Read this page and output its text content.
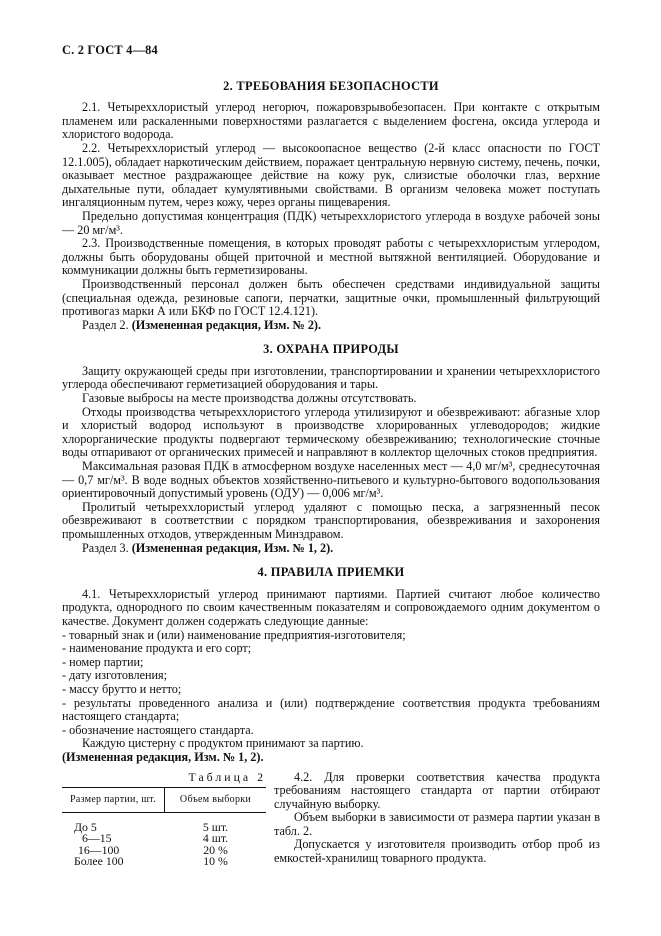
С. 2 ГОСТ 4—84
2. ТРЕБОВАНИЯ БЕЗОПАСНОСТИ

2.1. Четыреххлористый углерод негорюч, пожаровзрывобезопасен. При контакте с открытым пламенем или раскаленными поверхностями разлагается с выделением фосгена, оксида углерода и хлористого водорода.

2.2. Четыреххлористый углерод — высокоопасное вещество (2-й класс опасности по ГОСТ 12.1.005), обладает наркотическим действием, поражает центральную нервную систему, печень, почки, оказывает местное раздражающее действие на кожу рук, слизистые оболочки глаз, верхние дыхательные пути, обладает кумулятивными свойствами. В организм человека может поступать ингаляционным путем, через кожу, через органы пищеварения.

Предельно допустимая концентрация (ПДК) четыреххлористого углерода в воздухе рабочей зоны — 20 мг/м³.

2.3. Производственные помещения, в которых проводят работы с четыреххлористым углеродом, должны быть оборудованы общей приточной и местной вытяжной вентиляцией. Оборудование и коммуникации должны быть герметизированы.

Производственный персонал должен быть обеспечен средствами индивидуальной защиты (специальная одежда, резиновые сапоги, перчатки, защитные очки, промышленный фильтрующий противогаз марки А или БКФ по ГОСТ 12.4.121).

Раздел 2. (Измененная редакция, Изм. № 2).

3. ОХРАНА ПРИРОДЫ

Защиту окружающей среды при изготовлении, транспортировании и хранении четыреххлористого углерода обеспечивают герметизацией оборудования и тары.

Газовые выбросы на месте производства должны отсутствовать.

Отходы производства четыреххлористого углерода утилизируют и обезвреживают: абгазные хлор и хлористый водород используют в производстве хлорированных углеводородов; жидкие хлорорганические продукты подвергают термическому обезвреживанию; технологические сточные воды отпаривают от органических примесей и направляют в коллектор щелочных стоков предприятия.

Максимальная разовая ПДК в атмосферном воздухе населенных мест — 4,0 мг/м³, среднесуточная — 0,7 мг/м³. В воде водных объектов хозяйственно-питьевого и культурно-бытового водопользования ориентировочный допустимый уровень (ОДУ) — 0,006 мг/м³.

Пролитый четыреххлористый углерод удаляют с помощью песка, а загрязненный песок обезвреживают в соответствии с порядком транспортирования, обезвреживания и захоронения промышленных отходов, утвержденным Минздравом.

Раздел 3. (Измененная редакция, Изм. № 1, 2).

4. ПРАВИЛА ПРИЕМКИ

4.1. Четыреххлористый углерод принимают партиями. Партией считают любое количество продукта, однородного по своим качественным показателям и сопровождаемого одним документом о качестве. Документ должен содержать следующие данные:

- товарный знак и (или) наименование предприятия-изготовителя;
- наименование продукта и его сорт;
- номер партии;
- дату изготовления;
- массу брутто и нетто;
- результаты проведенного анализа и (или) подтверждение соответствия продукта требованиям настоящего стандарта;
- обозначение настоящего стандарта.

Каждую цистерну с продуктом принимают за партию.

(Измененная редакция, Изм. № 1, 2).

Таблица 2
Размер партии, шт.	Объем выборки
До 5	5 шт.
6—15	4 шт.
16—100	20 %
Более 100	10 %

4.2. Для проверки соответствия качества продукта требованиям настоящего стандарта от партии отбирают случайную выборку.

Объем выборки в зависимости от размера партии указан в табл. 2.

Допускается у изготовителя производить отбор проб из емкостей-хранилищ товарного продукта.
